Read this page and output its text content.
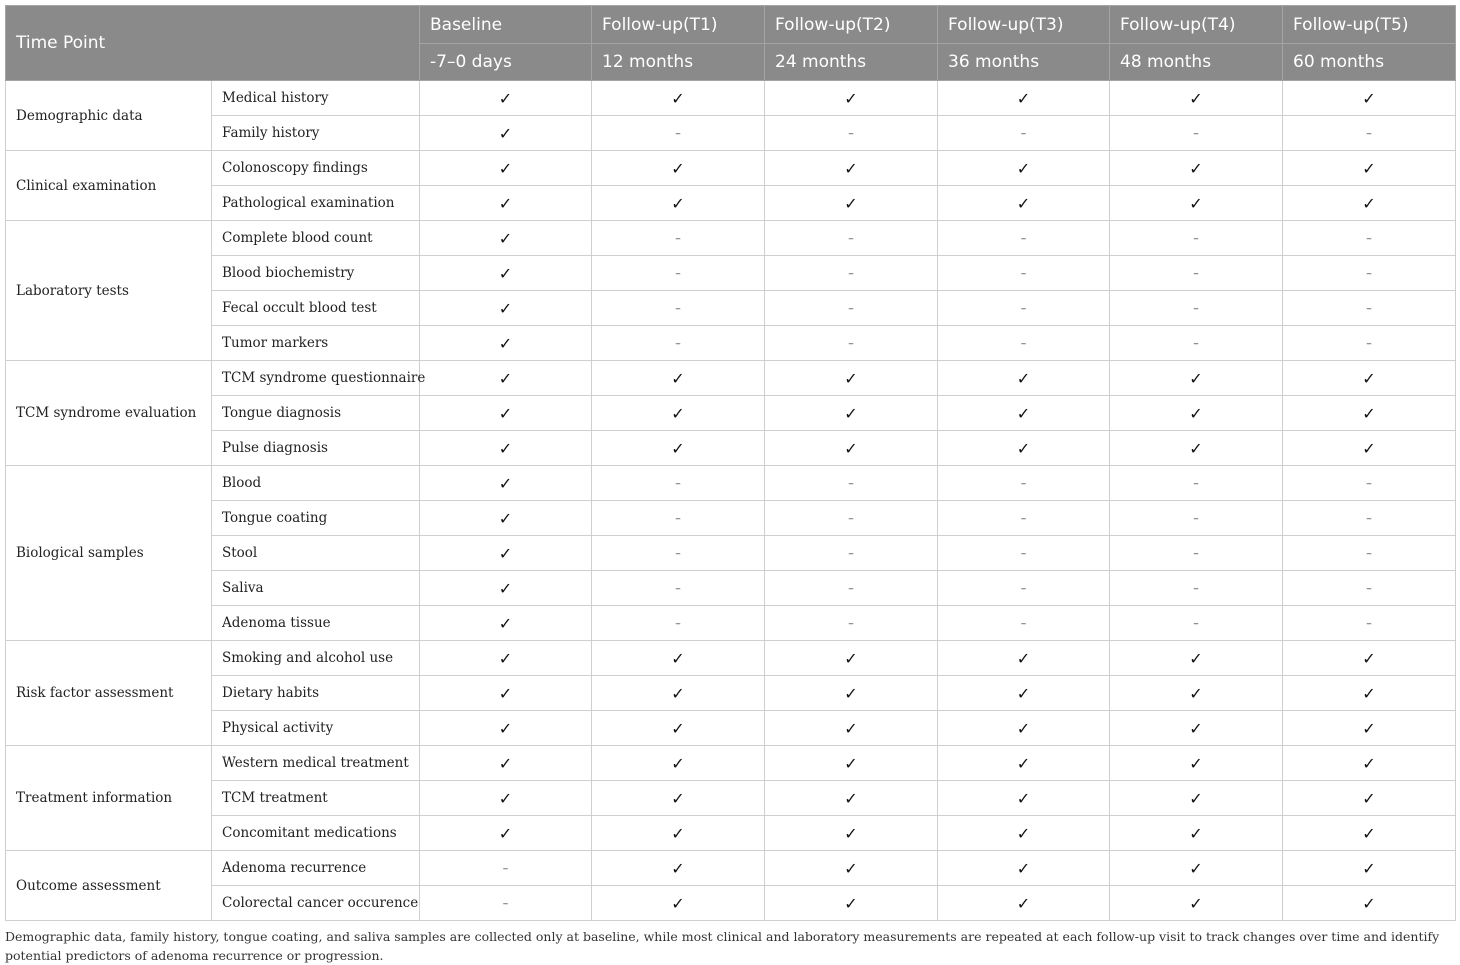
Time Point		Baseline	Follow-up(T1)	Follow-up(T2)	Follow-up(T3)	Follow-up(T4)	Follow-up(T5)
		-7–0 days	12 months	24 months	36 months	48 months	60 months
Demographic data	Medical history	✓	✓	✓	✓	✓	✓
	Family history	✓	–	–	–	–	–
Clinical examination	Colonoscopy findings	✓	✓	✓	✓	✓	✓
	Pathological examination	✓	✓	✓	✓	✓	✓
Laboratory tests	Complete blood count	✓	–	–	–	–	–
	Blood biochemistry	✓	–	–	–	–	–
	Fecal occult blood test	✓	–	–	–	–	–
	Tumor markers	✓	–	–	–	–	–
TCM syndrome evaluation	TCM syndrome questionnaire	✓	✓	✓	✓	✓	✓
	Tongue diagnosis	✓	✓	✓	✓	✓	✓
	Pulse diagnosis	✓	✓	✓	✓	✓	✓
Biological samples	Blood	✓	–	–	–	–	–
	Tongue coating	✓	–	–	–	–	–
	Stool	✓	–	–	–	–	–
	Saliva	✓	–	–	–	–	–
	Adenoma tissue	✓	–	–	–	–	–
Risk factor assessment	Smoking and alcohol use	✓	✓	✓	✓	✓	✓
	Dietary habits	✓	✓	✓	✓	✓	✓
	Physical activity	✓	✓	✓	✓	✓	✓
Treatment information	Western medical treatment	✓	✓	✓	✓	✓	✓
	TCM treatment	✓	✓	✓	✓	✓	✓
	Concomitant medications	✓	✓	✓	✓	✓	✓
Outcome assessment	Adenoma recurrence	–	✓	✓	✓	✓	✓
	Colorectal cancer occurence	–	✓	✓	✓	✓	✓
Demographic data, family history, tongue coating, and saliva samples are collected only at baseline, while most clinical and laboratory measurements are repeated at each follow-up visit to track changes over time and identify potential predictors of adenoma recurrence or progression.
